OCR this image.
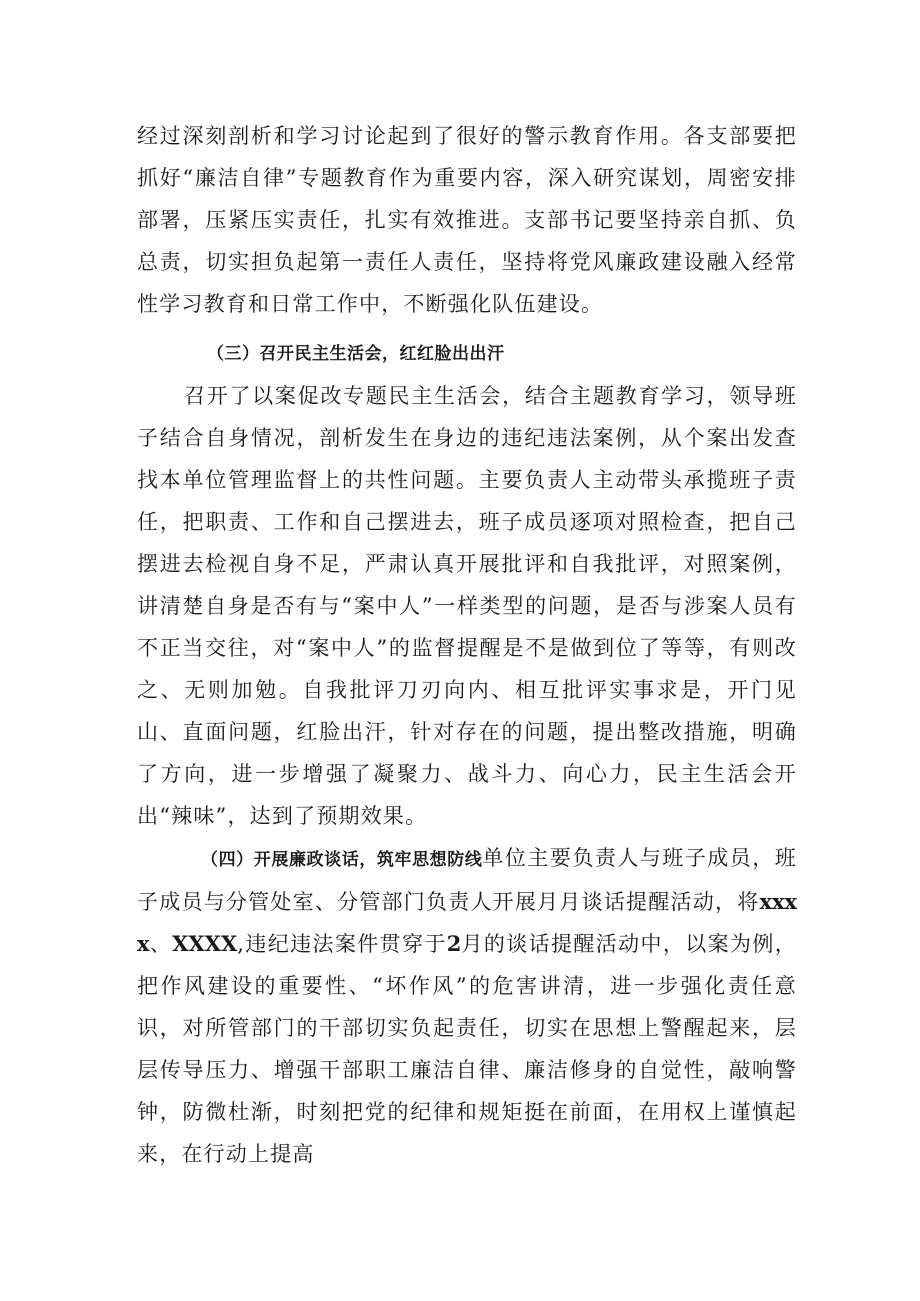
经过深刻剖析和学习讨论起到了很好的警示教育作用。各支部要把抓好“廉洁自律”专题教育作为重要内容，深入研究谋划，周密安排部署，压紧压实责任，扎实有效推进。支部书记要坚持亲自抓、负总责，切实担负起第一责任人责任，坚持将党风廉政建设融入经常性学习教育和日常工作中，不断强化队伍建设。

（三）召开民主生活会，红红脸出出汗

召开了以案促改专题民主生活会，结合主题教育学习，领导班子结合自身情况，剖析发生在身边的违纪违法案例，从个案出发查找本单位管理监督上的共性问题。主要负责人主动带头承揽班子责任，把职责、工作和自己摆进去，班子成员逐项对照检查，把自己摆进去检视自身不足，严肃认真开展批评和自我批评，对照案例，讲清楚自身是否有与“案中人”一样类型的问题，是否与涉案人员有不正当交往，对“案中人”的监督提醒是不是做到位了等等，有则改之、无则加勉。自我批评刀刃向内、相互批评实事求是，开门见山、直面问题，红脸出汗，针对存在的问题，提出整改措施，明确了方向，进一步增强了凝聚力、战斗力、向心力，民主生活会开出“辣味”，达到了预期效果。

（四）开展廉政谈话，筑牢思想防线单位主要负责人与班子成员，班子成员与分管处室、分管部门负责人开展月月谈话提醒活动，将xxxx、XXXX,违纪违法案件贯穿于2月的谈话提醒活动中，以案为例，把作风建设的重要性、“坏作风”的危害讲清，进一步强化责任意识，对所管部门的干部切实负起责任，切实在思想上警醒起来，层层传导压力、增强干部职工廉洁自律、廉洁修身的自觉性，敲响警钟，防微杜渐，时刻把党的纪律和规矩挺在前面，在用权上谨慎起来，在行动上提高
